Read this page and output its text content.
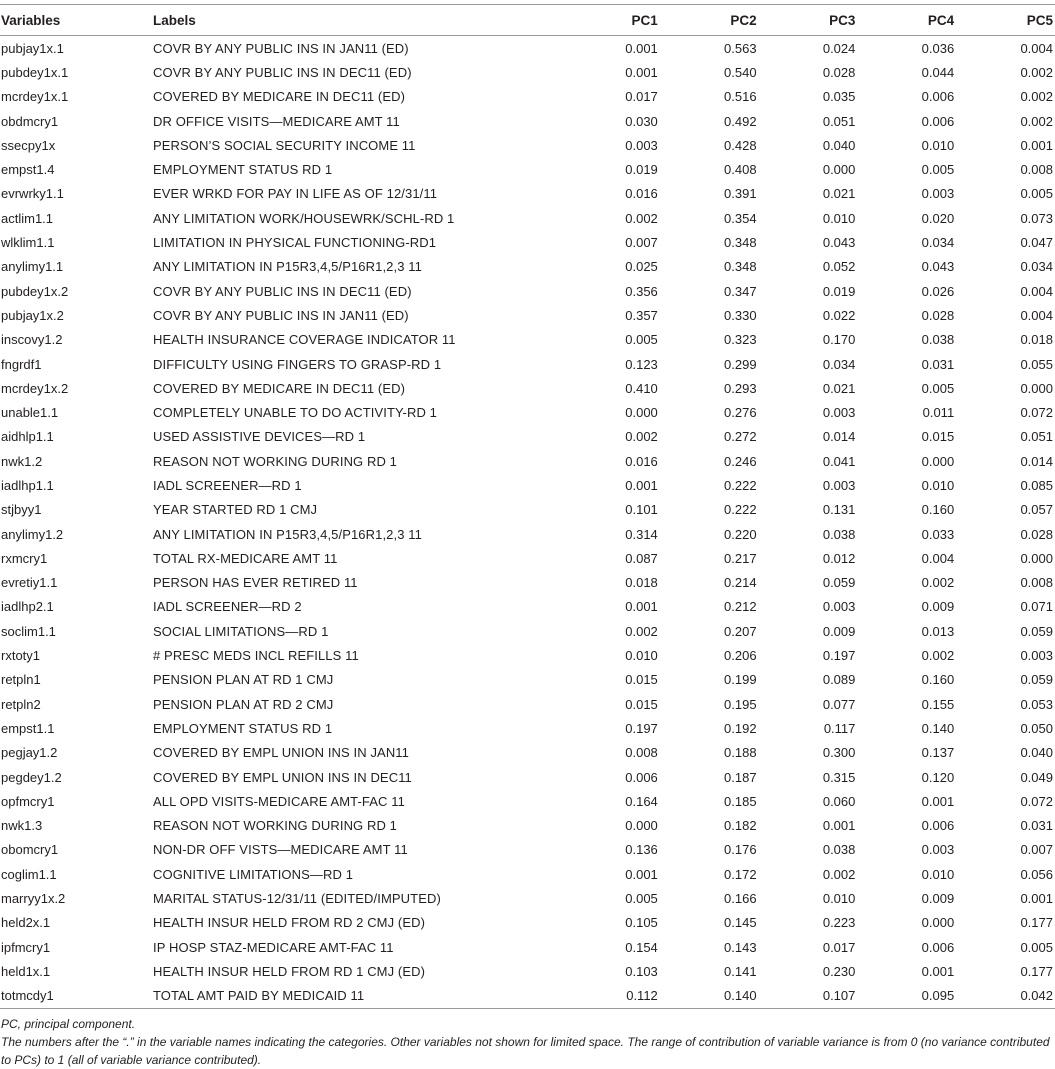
Variables	Labels	PC1	PC2	PC3	PC4	PC5
pubjay1x.1	COVR BY ANY PUBLIC INS IN JAN11 (ED)	0.001	0.563	0.024	0.036	0.004
pubdey1x.1	COVR BY ANY PUBLIC INS IN DEC11 (ED)	0.001	0.540	0.028	0.044	0.002
mcrdey1x.1	COVERED BY MEDICARE IN DEC11 (ED)	0.017	0.516	0.035	0.006	0.002
obdmcry1	DR OFFICE VISITS—MEDICARE AMT 11	0.030	0.492	0.051	0.006	0.002
ssecpy1x	PERSON’S SOCIAL SECURITY INCOME 11	0.003	0.428	0.040	0.010	0.001
empst1.4	EMPLOYMENT STATUS RD 1	0.019	0.408	0.000	0.005	0.008
evrwrky1.1	EVER WRKD FOR PAY IN LIFE AS OF 12/31/11	0.016	0.391	0.021	0.003	0.005
actlim1.1	ANY LIMITATION WORK/HOUSEWRK/SCHL-RD 1	0.002	0.354	0.010	0.020	0.073
wlklim1.1	LIMITATION IN PHYSICAL FUNCTIONING-RD1	0.007	0.348	0.043	0.034	0.047
anylimy1.1	ANY LIMITATION IN P15R3,4,5/P16R1,2,3 11	0.025	0.348	0.052	0.043	0.034
pubdey1x.2	COVR BY ANY PUBLIC INS IN DEC11 (ED)	0.356	0.347	0.019	0.026	0.004
pubjay1x.2	COVR BY ANY PUBLIC INS IN JAN11 (ED)	0.357	0.330	0.022	0.028	0.004
inscovy1.2	HEALTH INSURANCE COVERAGE INDICATOR 11	0.005	0.323	0.170	0.038	0.018
fngrdf1	DIFFICULTY USING FINGERS TO GRASP-RD 1	0.123	0.299	0.034	0.031	0.055
mcrdey1x.2	COVERED BY MEDICARE IN DEC11 (ED)	0.410	0.293	0.021	0.005	0.000
unable1.1	COMPLETELY UNABLE TO DO ACTIVITY-RD 1	0.000	0.276	0.003	0.011	0.072
aidhlp1.1	USED ASSISTIVE DEVICES—RD 1	0.002	0.272	0.014	0.015	0.051
nwk1.2	REASON NOT WORKING DURING RD 1	0.016	0.246	0.041	0.000	0.014
iadlhp1.1	IADL SCREENER—RD 1	0.001	0.222	0.003	0.010	0.085
stjbyy1	YEAR STARTED RD 1 CMJ	0.101	0.222	0.131	0.160	0.057
anylimy1.2	ANY LIMITATION IN P15R3,4,5/P16R1,2,3 11	0.314	0.220	0.038	0.033	0.028
rxmcry1	TOTAL RX-MEDICARE AMT 11	0.087	0.217	0.012	0.004	0.000
evretiy1.1	PERSON HAS EVER RETIRED 11	0.018	0.214	0.059	0.002	0.008
iadlhp2.1	IADL SCREENER—RD 2	0.001	0.212	0.003	0.009	0.071
soclim1.1	SOCIAL LIMITATIONS—RD 1	0.002	0.207	0.009	0.013	0.059
rxtoty1	# PRESC MEDS INCL REFILLS 11	0.010	0.206	0.197	0.002	0.003
retpln1	PENSION PLAN AT RD 1 CMJ	0.015	0.199	0.089	0.160	0.059
retpln2	PENSION PLAN AT RD 2 CMJ	0.015	0.195	0.077	0.155	0.053
empst1.1	EMPLOYMENT STATUS RD 1	0.197	0.192	0.117	0.140	0.050
pegjay1.2	COVERED BY EMPL UNION INS IN JAN11	0.008	0.188	0.300	0.137	0.040
pegdey1.2	COVERED BY EMPL UNION INS IN DEC11	0.006	0.187	0.315	0.120	0.049
opfmcry1	ALL OPD VISITS-MEDICARE AMT-FAC 11	0.164	0.185	0.060	0.001	0.072
nwk1.3	REASON NOT WORKING DURING RD 1	0.000	0.182	0.001	0.006	0.031
obomcry1	NON-DR OFF VISTS—MEDICARE AMT 11	0.136	0.176	0.038	0.003	0.007
coglim1.1	COGNITIVE LIMITATIONS—RD 1	0.001	0.172	0.002	0.010	0.056
marryy1x.2	MARITAL STATUS-12/31/11 (EDITED/IMPUTED)	0.005	0.166	0.010	0.009	0.001
held2x.1	HEALTH INSUR HELD FROM RD 2 CMJ (ED)	0.105	0.145	0.223	0.000	0.177
ipfmcry1	IP HOSP STAZ-MEDICARE AMT-FAC 11	0.154	0.143	0.017	0.006	0.005
held1x.1	HEALTH INSUR HELD FROM RD 1 CMJ (ED)	0.103	0.141	0.230	0.001	0.177
totmcdy1	TOTAL AMT PAID BY MEDICAID 11	0.112	0.140	0.107	0.095	0.042

PC, principal component.

The numbers after the “.” in the variable names indicating the categories. Other variables not shown for limited space. The range of contribution of variable variance is from 0 (no variance contributed to PCs) to 1 (all of variable variance contributed).
